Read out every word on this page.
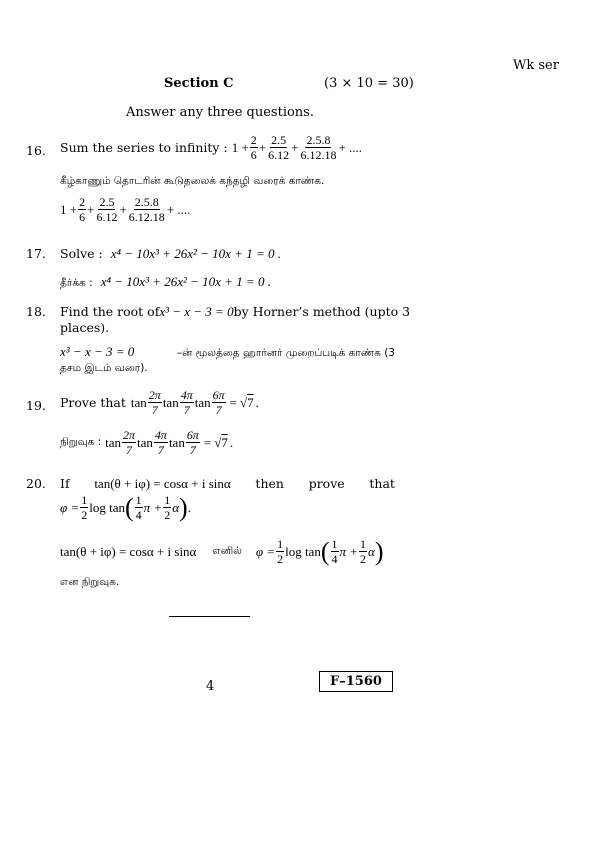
Wk ser
Section C	(3 × 10 = 30)
Answer any three questions.
16. Sum the series to infinity : $1 + \frac{2}{6} + \frac{2.5}{6.12} + \frac{2.5.8}{6.12.18}$ + ....
கீழ்காணும் தொடரின் கூடுதலைக் கந்தழி வரைக் காண்க.
$1 + \frac{2}{6} + \frac{2.5}{6.12} + \frac{2.5.8}{6.12.18}$ + ....
17. Solve : x⁴ − 10x³ + 26x² − 10x + 1 = 0 .
தீர்க்க : x⁴ − 10x³ + 26x² − 10x + 1 = 0 .
18. Find the root of x³ − x − 3 = 0 by Horner’s method (upto 3
places).
x³ − x − 3 = 0	–ன் மூலத்தை ஹார்னர் முறைப்படிக் காண்க (3
தசம இடம் வரை).
19. Prove that $\tan \frac{2\pi}{7}$ $\tan \frac{4\pi}{7}$ $\tan \frac{6\pi}{7}$ = √ 7 .
நிறுவுக : $\tan \frac{2\pi}{7}$ $\tan \frac{4\pi}{7}$ $\tan \frac{6\pi}{7}$ = √ 7 .
20. If tan(θ + iφ) = cosα + i sinα then prove that
$\varphi = \frac{1}{2}$ log tan ( $\frac{1}{4}$ $\pi + \frac{1}{2}$ α ) .
tan(θ + iφ) = cosα + i sinα எனில் $\varphi = \frac{1}{2}$ log tan ( $\frac{1}{4}$ $\pi + \frac{1}{2}$ α )
என நிறுவுக.
4	F–1560
